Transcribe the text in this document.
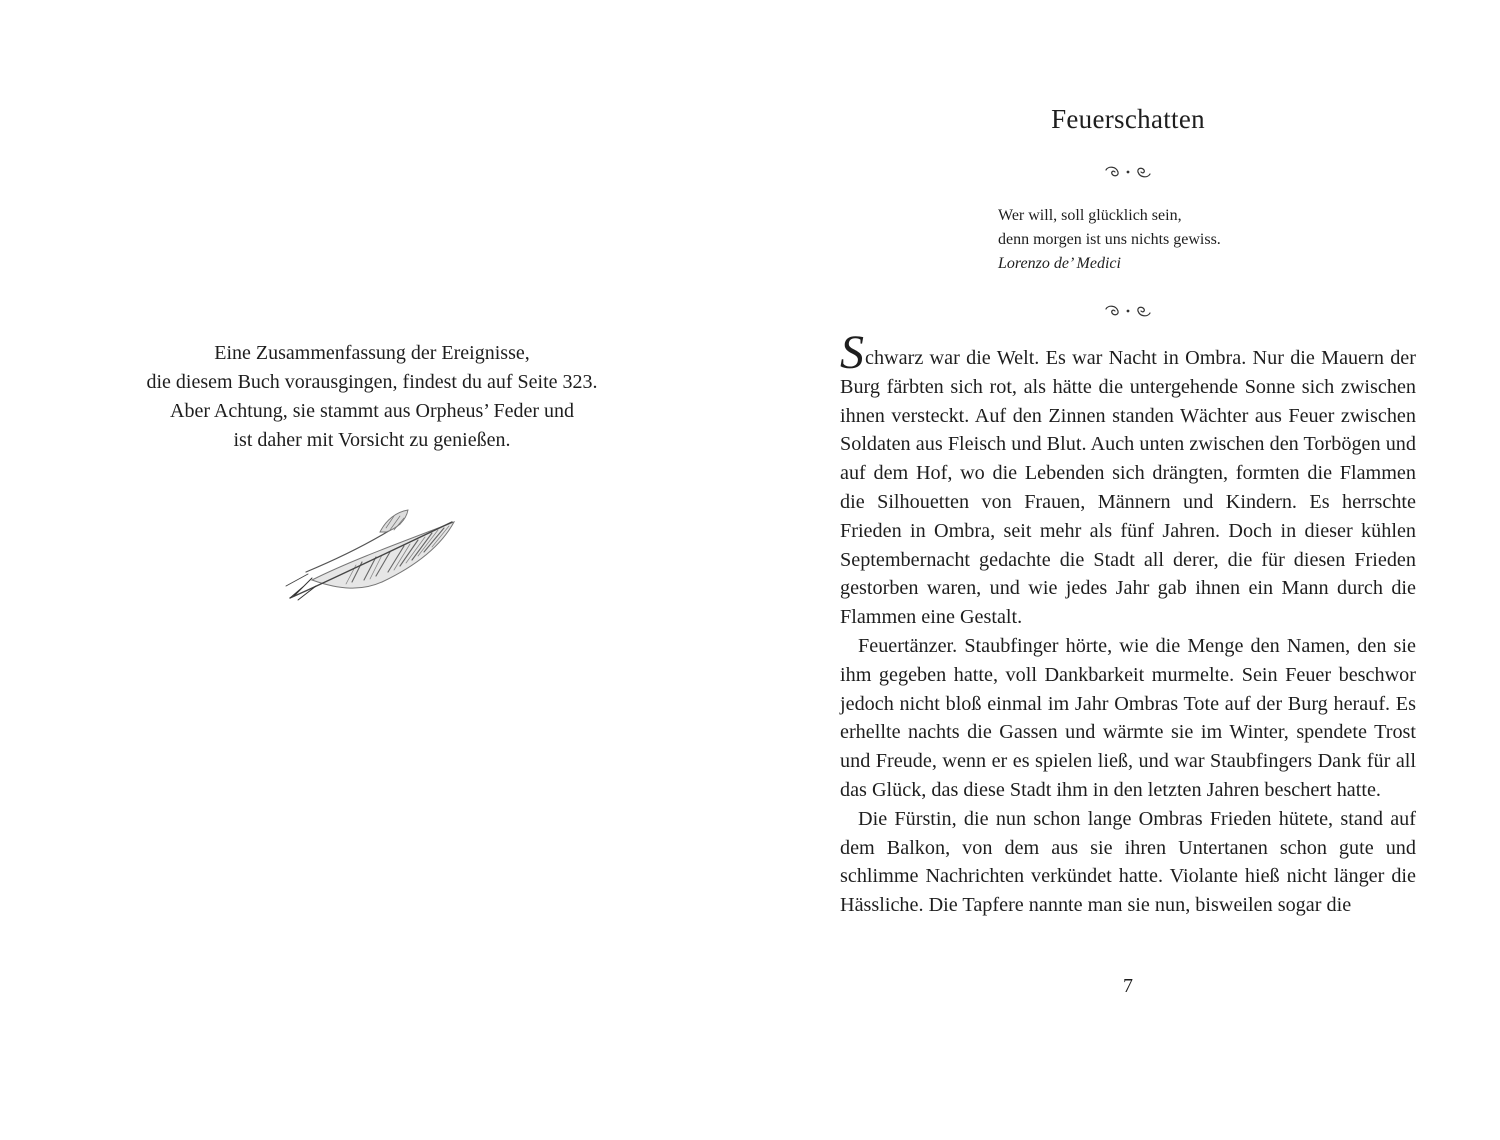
Eine Zusammenfassung der Ereignisse,

die diesem Buch vorausgingen, findest du auf Seite 323.

Aber Achtung, sie stammt aus Orpheus’ Feder und

ist daher mit Vorsicht zu genießen.

Feuerschatten
Wer will, soll glücklich sein,
denn morgen ist uns nichts gewiss.
Lorenzo de’ Medici

Schwarz war die Welt. Es war Nacht in Ombra. Nur die Mauern der Burg färbten sich rot, als hätte die untergehende Sonne sich zwischen ihnen versteckt. Auf den Zinnen standen Wächter aus Feuer zwischen Soldaten aus Fleisch und Blut. Auch unten zwischen den Torbögen und auf dem Hof, wo die Lebenden sich drängten, formten die Flammen die Silhouetten von Frauen, Männern und Kindern. Es herrschte Frieden in Ombra, seit mehr als fünf Jahren. Doch in dieser kühlen Septembernacht gedachte die Stadt all derer, die für diesen Frieden gestorben waren, und wie jedes Jahr gab ihnen ein Mann durch die Flammen eine Gestalt.

Feuertänzer. Staubfinger hörte, wie die Menge den Namen, den sie ihm gegeben hatte, voll Dankbarkeit murmelte. Sein Feuer beschwor jedoch nicht bloß einmal im Jahr Ombras Tote auf der Burg herauf. Es erhellte nachts die Gassen und wärmte sie im Winter, spendete Trost und Freude, wenn er es spielen ließ, und war Staubfingers Dank für all das Glück, das diese Stadt ihm in den letzten Jahren beschert hatte.

Die Fürstin, die nun schon lange Ombras Frieden hütete, stand auf dem Balkon, von dem aus sie ihren Untertanen schon gute und schlimme Nachrichten verkündet hatte. Violante hieß nicht länger die Hässliche. Die Tapfere nannte man sie nun, bisweilen sogar die

7
